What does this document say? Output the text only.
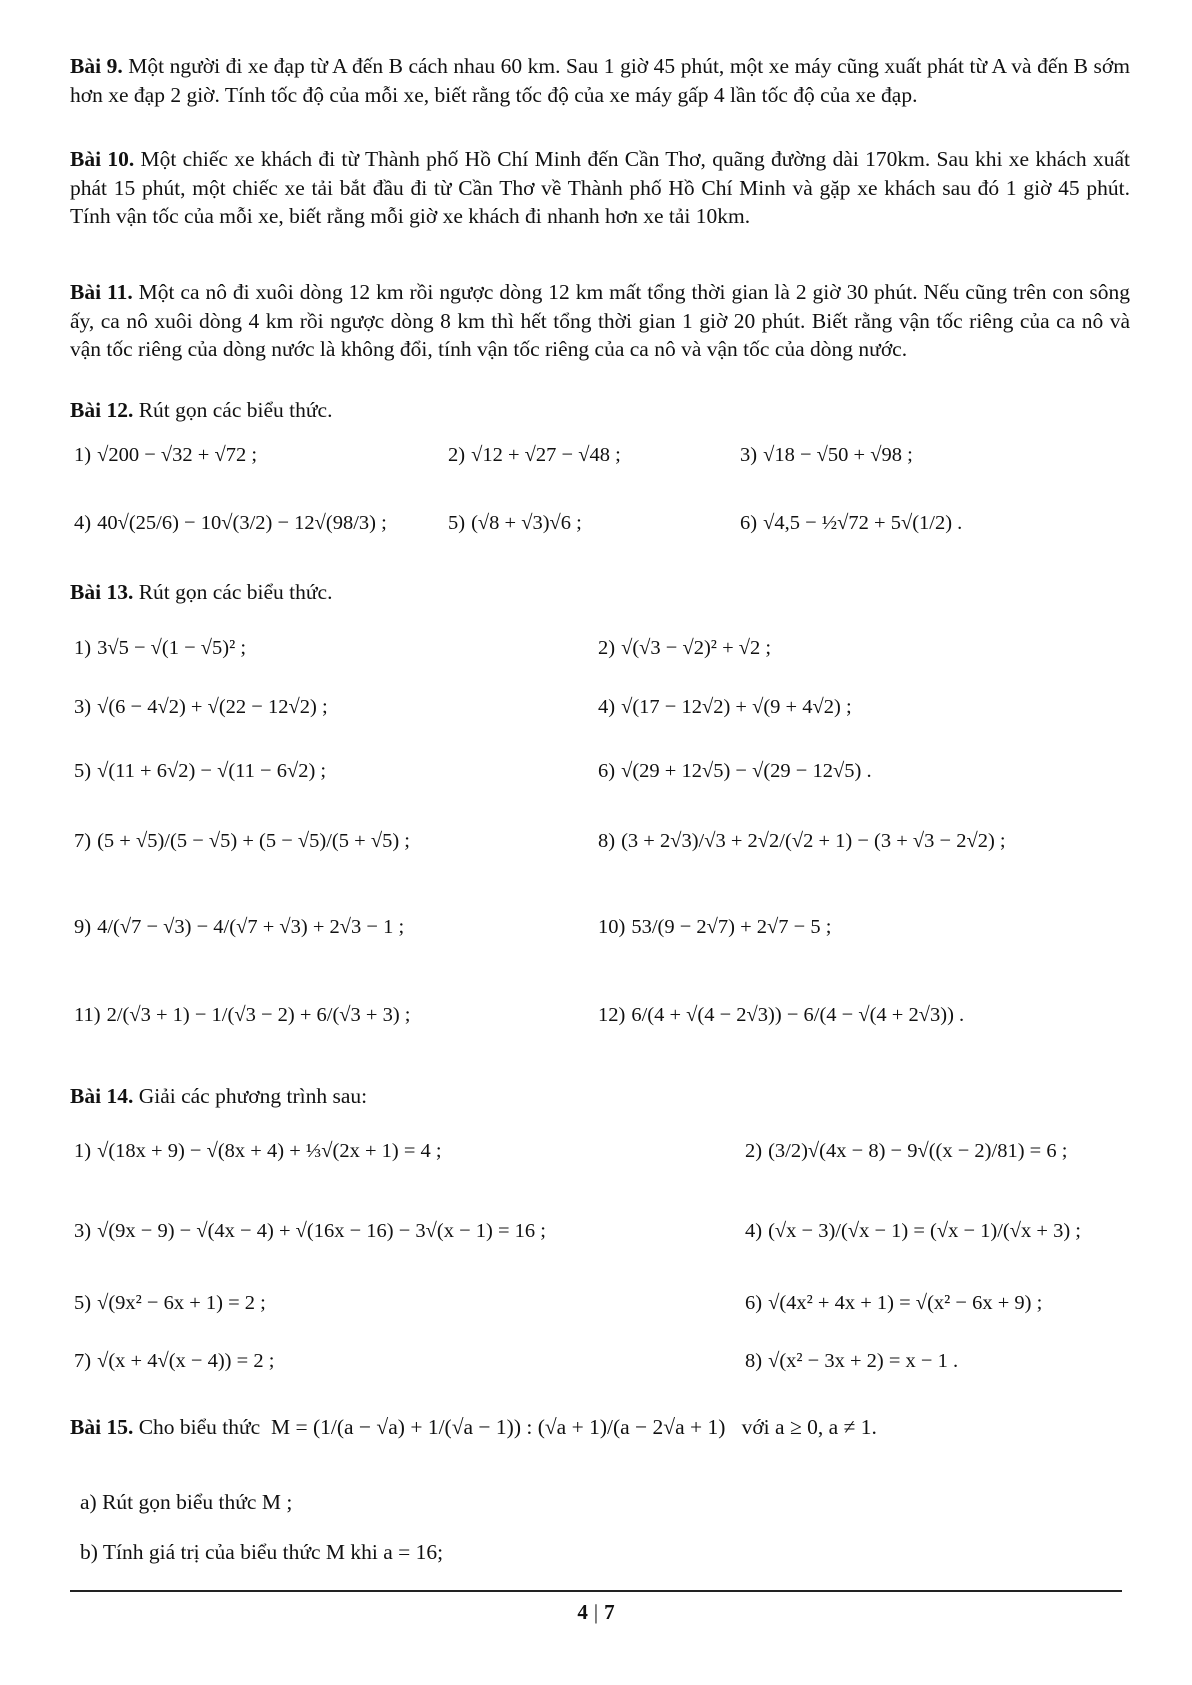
Bài 9. Một người đi xe đạp từ A đến B cách nhau 60 km. Sau 1 giờ 45 phút, một xe máy cũng xuất phát từ A và đến B sớm hơn xe đạp 2 giờ. Tính tốc độ của mỗi xe, biết rằng tốc độ của xe máy gấp 4 lần tốc độ của xe đạp.

Bài 10. Một chiếc xe khách đi từ Thành phố Hồ Chí Minh đến Cần Thơ, quãng đường dài 170km. Sau khi xe khách xuất phát 15 phút, một chiếc xe tải bắt đầu đi từ Cần Thơ về Thành phố Hồ Chí Minh và gặp xe khách sau đó 1 giờ 45 phút. Tính vận tốc của mỗi xe, biết rằng mỗi giờ xe khách đi nhanh hơn xe tải 10km.

Bài 11. Một ca nô đi xuôi dòng 12 km rồi ngược dòng 12 km mất tổng thời gian là 2 giờ 30 phút. Nếu cũng trên con sông ấy, ca nô xuôi dòng 4 km rồi ngược dòng 8 km thì hết tổng thời gian 1 giờ 20 phút. Biết rằng vận tốc riêng của ca nô và vận tốc riêng của dòng nước là không đổi, tính vận tốc riêng của ca nô và vận tốc của dòng nước.

Bài 12. Rút gọn các biểu thức.

1) √200 − √32 + √72 ;	2) √12 + √27 − √48 ;	3) √18 − √50 + √98 ;
4) 40√(25/6) − 10√(3/2) − 12√(98/3) ;	5) (√8 + √3)√6 ;	6) √4,5 − ½√72 + 5√(1/2) .

Bài 13. Rút gọn các biểu thức.

1) 3√5 − √(1 − √5)² ;	2) √(√3 − √2)² + √2 ;
3) √(6 − 4√2) + √(22 − 12√2) ;	4) √(17 − 12√2) + √(9 + 4√2) ;
5) √(11 + 6√2) − √(11 − 6√2) ;	6) √(29 + 12√5) − √(29 − 12√5) .
7) (5 + √5)/(5 − √5) + (5 − √5)/(5 + √5) ;	8) (3 + 2√3)/√3 + 2√2/(√2 + 1) − (3 + √3 − 2√2) ;
9) 4/(√7 − √3) − 4/(√7 + √3) + 2√3 − 1 ;	10) 53/(9 − 2√7) + 2√7 − 5 ;
11) 2/(√3 + 1) − 1/(√3 − 2) + 6/(√3 + 3) ;	12) 6/(4 + √(4 − 2√3)) − 6/(4 − √(4 + 2√3)) .

Bài 14. Giải các phương trình sau:

1) √(18x + 9) − √(8x + 4) + ⅓√(2x + 1) = 4 ;	2) (3/2)√(4x − 8) − 9√((x − 2)/81) = 6 ;
3) √(9x − 9) − √(4x − 4) + √(16x − 16) − 3√(x − 1) = 16 ;	4) (√x − 3)/(√x − 1) = (√x − 1)/(√x + 3) ;
5) √(9x² − 6x + 1) = 2 ;	6) √(4x² + 4x + 1) = √(x² − 6x + 9) ;
7) √(x + 4√(x − 4)) = 2 ;	8) √(x² − 3x + 2) = x − 1 .
Bài 15. Cho biểu thức M = (1/(a − √a) + 1/(√a − 1)) : (√a + 1)/(a − 2√a + 1) với a ≥ 0, a ≠ 1.
a) Rút gọn biểu thức M ;
b) Tính giá trị của biểu thức M khi a = 16;
4 | 7
